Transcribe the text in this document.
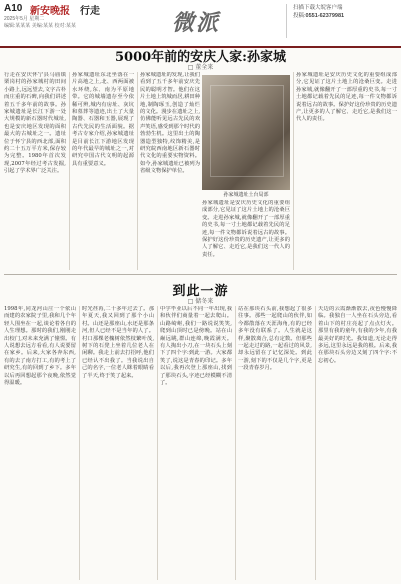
A10 新安晚报 行走
2025年5月 星期二
编辑:某某某 美编:某某 校对:某某	微派
扫描下载大皖客户端
投稿:0551-62379981
5000年前的安庆人家:孙家城
□ 董全来
行走在安庆怀宁县马庙镇栗岗村的孙家城村的田间小路上,远远望去,文字古朴而庄重的石碑,向我们讲述着五千多年前的故事。孙家城遗址是长江下游一处大规模的新石器时代城址,也是安庆地区发现的面积最大的古城址之一。遗址位于怀宁县的西北部,面积约二十五万平方米,保存较为完整。1980年首次发现,2007年经过考古发掘,引起了学术界广泛关注。
孙家城遗址东北坐落在一片高地之上,北、西两面被水环绕,东、南为平原地带。它的城墙遗存至今依稀可辨,城内有房址、灰坑和墓葬等遗迹,出土了大量陶器、石器和玉器,展现了古代先民的生活面貌。据考古专家介绍,孙家城遗址是目前长江下游地区发现的年代最早的城址之一,对研究中国古代文明的起源具有重要意义。
孙家城遗址的发现,让我们看到了五千多年前安庆先民的聪明才智。他们在这片土地上筑城而居,耕田种地,制陶琢玉,创造了灿烂的文化。漫步在遗址之上,仿佛能听见远古先民的欢声笑语,感受到那个时代的勃勃生机。这里出土的陶器造型独特,纹饰精美,是研究皖西南地区新石器时代文化的重要实物资料。如今,孙家城遗址已被列为省级文物保护单位。
孙家城遗址土台局部
孙家城遗址是安庆历史文化的重要组成部分,它见证了这片土地上的沧桑巨变。走进孙家城,就像翻开了一部厚重的史书,每一寸土地都记载着先民的足迹,每一件文物都诉说着远古的故事。保护好这份珍贵的历史遗产,让更多的人了解它、走近它,是我们这一代人的责任。
孙家城遗址是安庆历史文化的重要组成部分,它见证了这片土地上的沧桑巨变。走进孙家城,就像翻开了一部厚重的史书,每一寸土地都记载着先民的足迹,每一件文物都诉说着远古的故事。保护好这份珍贵的历史遗产,让更多的人了解它、走近它,是我们这一代人的责任。
到此一游
□ 储冬来
1998年,同龙河山庄一个依山而建的农家院子里,我和几个年轻人围坐在一起,谈论着各自的人生理想。那时的我们,刚刚走出校门,对未来充满了憧憬。有人说想去远方看看,有人说要留在家乡。后来,大家各奔东西,有的去了南方打工,有的考上了研究生,有的回到了乡下。多年以后再回想起那个夜晚,依然觉得温暖。
时光荏苒,二十多年过去了。那年夏天,我又回到了那个小山村。山还是那座山,水还是那条河,但人已经不是当年的人了。村口那棵老槐树依然枝繁叶茂,树下的石凳上坐着几位老人在闲聊。我走上前去打招呼,他们已经认不出我了。当我说出自己的名字,一位老人眯着眼睛看了半天,终于笑了起来。
中学毕业以后不同一年出现,我和伙伴们商量着一起去爬山。山路崎岖,我们一路说说笑笑,爬到山顶时已是傍晚。站在山巅远眺,群山连绵,晚霞满天。有人掏出小刀,在一块石头上刻下了四个字:到此一游。大家都笑了,说这是青春的印记。多年以后,我再次登上那座山,找到了那块石头,字迹已经模糊不清了。
站在那块石头前,我想起了很多往事。那些一起爬山的伙伴,如今都散落在天涯海角,有的已经多年没有联系了。人生就是这样,聚散离合,总有定数。但那些一起走过的路,一起看过的风景,却永远留在了记忆深处。到此一游,刻下的不仅是几个字,更是一段青春岁月。
天边的云霞渐渐散去,夜色慢慢降临。我独自一人坐在石头旁边,看着山下的村庄亮起了点点灯火。那里有我的童年,有我的少年,有我最美好的时光。我知道,无论走得多远,这里永远是我的根。后来,我在那块石头旁边又刻了四个字:不忘初心。
